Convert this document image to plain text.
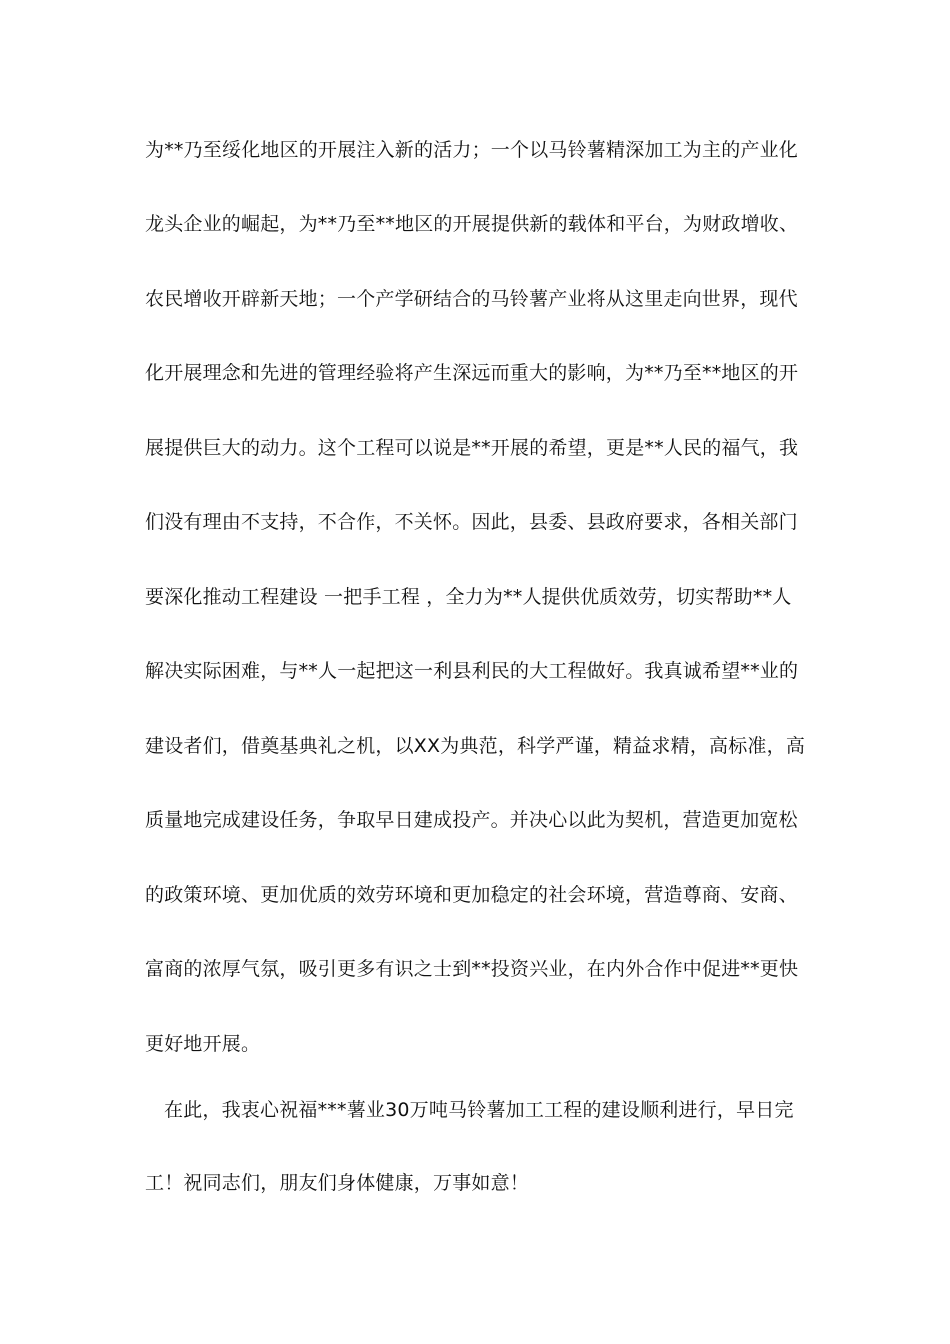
为**乃至绥化地区的开展注入新的活力；一个以马铃薯精深加工为主的产业化
龙头企业的崛起，为**乃至**地区的开展提供新的载体和平台，为财政增收、
农民增收开辟新天地；一个产学研结合的马铃薯产业将从这里走向世界，现代
化开展理念和先进的管理经验将产生深远而重大的影响，为**乃至**地区的开
展提供巨大的动力。这个工程可以说是**开展的希望，更是**人民的福气，我
们没有理由不支持，不合作，不关怀。因此，县委、县政府要求，各相关部门
要深化推动工程建设 一把手工程 ，全力为**人提供优质效劳，切实帮助**人
解决实际困难，与**人一起把这一利县利民的大工程做好。我真诚希望**业的
建设者们，借奠基典礼之机，以XX为典范，科学严谨，精益求精，高标准，高
质量地完成建设任务，争取早日建成投产。并决心以此为契机，营造更加宽松
的政策环境、更加优质的效劳环境和更加稳定的社会环境，营造尊商、安商、
富商的浓厚气氛，吸引更多有识之士到**投资兴业，在内外合作中促进**更快
更好地开展。
在此，我衷心祝福***薯业30万吨马铃薯加工工程的建设顺利进行，早日完
工！祝同志们，朋友们身体健康，万事如意！
